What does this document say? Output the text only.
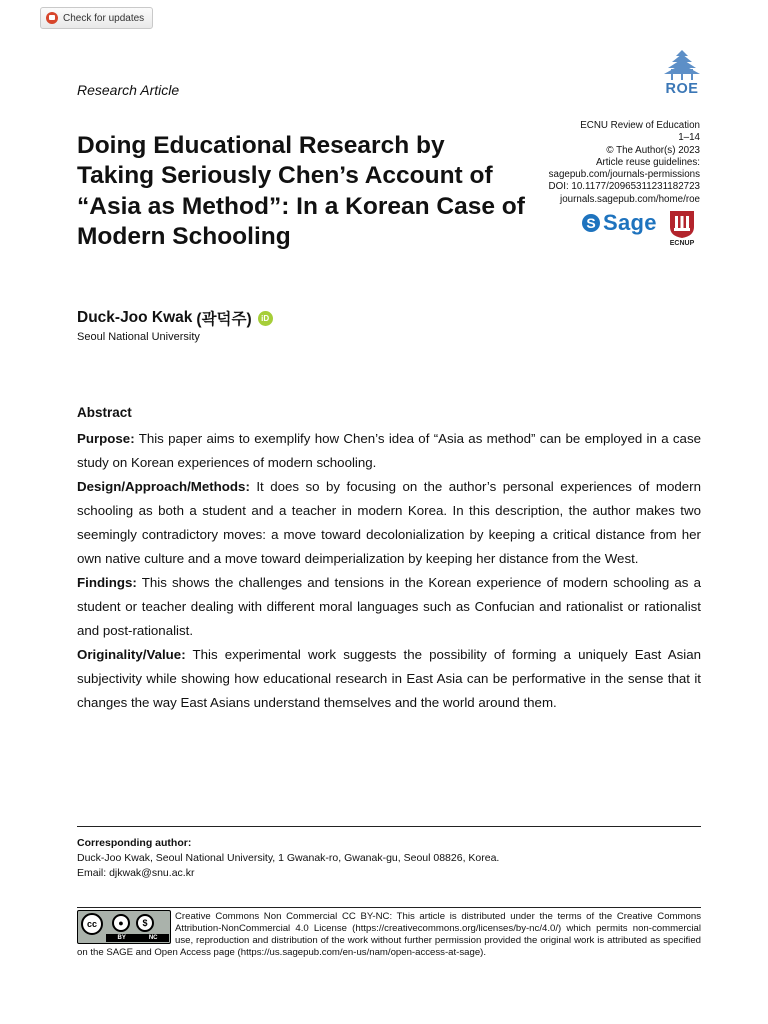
Check for updates
Research Article
Doing Educational Research by Taking Seriously Chen’s Account of “Asia as Method”: In a Korean Case of Modern Schooling
ROE
ECNU Review of Education
1–14
© The Author(s) 2023
Article reuse guidelines:
sagepub.com/journals-permissions
DOI: 10.1177/20965311231182723
journals.sagepub.com/home/roe
S Sage
ECNUP
Duck-Joo Kwak (곽덕주)	iD
Seoul National University
Abstract

Purpose: This paper aims to exemplify how Chen’s idea of “Asia as method” can be employed in a case study on Korean experiences of modern schooling.

Design/Approach/Methods: It does so by focusing on the author’s personal experiences of modern schooling as both a student and a teacher in modern Korea. In this description, the author makes two seemingly contradictory moves: a move toward decolonialization by keeping a critical distance from her own native culture and a move toward deimperialization by keeping her distance from the West.

Findings: This shows the challenges and tensions in the Korean experience of modern schooling as a student or teacher dealing with different moral languages such as Confucian and rationalist or rationalist and post-rationalist.

Originality/Value: This experimental work suggests the possibility of forming a uniquely East Asian subjectivity while showing how educational research in East Asia can be performative in the sense that it changes the way East Asians understand themselves and the world around them.

Corresponding author:
Duck-Joo Kwak, Seoul National University, 1 Gwanak-ro, Gwanak-gu, Seoul 08826, Korea.
Email: djkwak@snu.ac.kr
cc	●	$
BY	NC
Creative Commons Non Commercial CC BY-NC: This article is distributed under the terms of the Creative Commons Attribution-NonCommercial 4.0 License (https://creativecommons.org/licenses/by-nc/4.0/) which permits non-commercial use, reproduction and distribution of the work without further permission provided the original work is attributed as specified on the SAGE and Open Access page (https://us.sagepub.com/en-us/nam/open-access-at-sage).
